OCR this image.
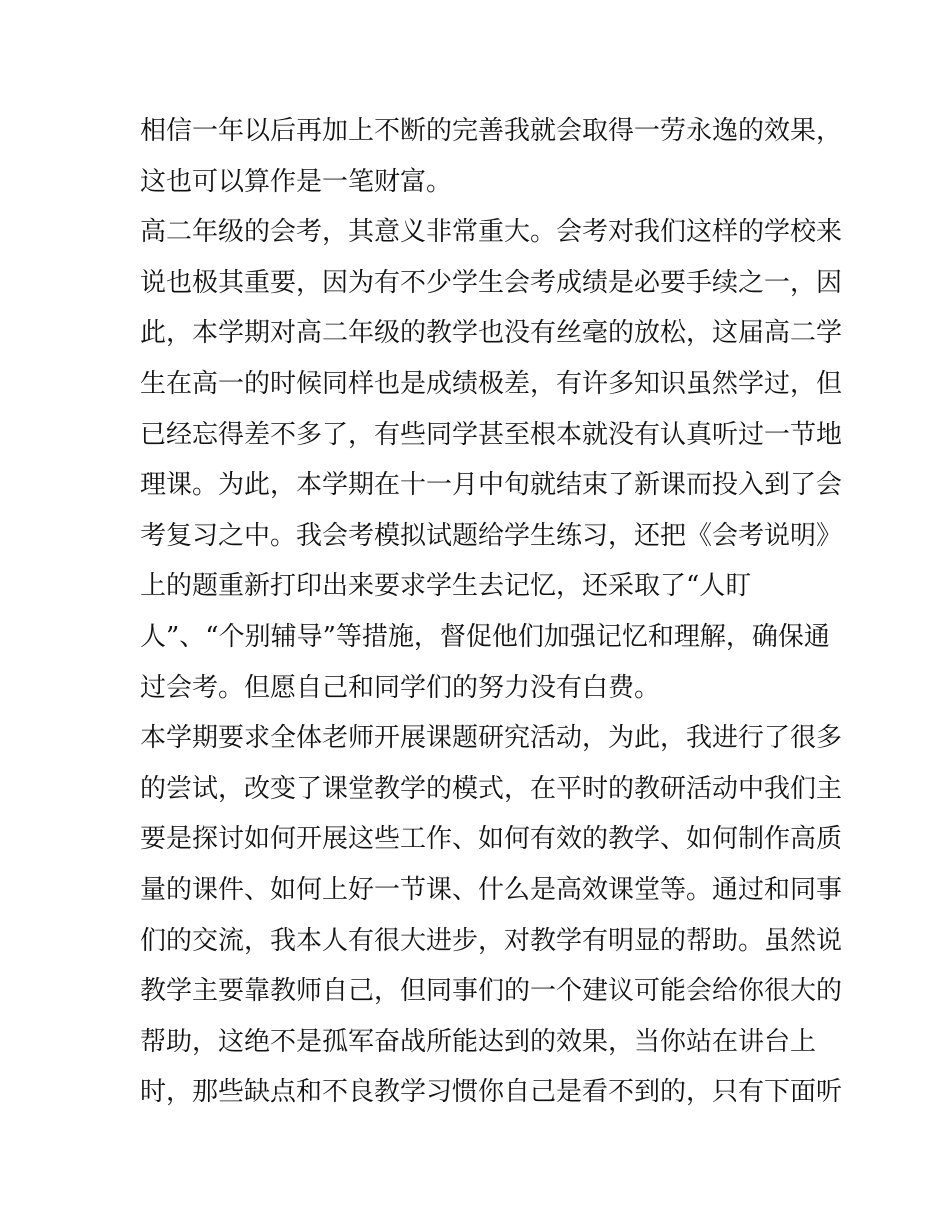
相信一年以后再加上不断的完善我就会取得一劳永逸的效果，
这也可以算作是一笔财富。
高二年级的会考，其意义非常重大。会考对我们这样的学校来
说也极其重要，因为有不少学生会考成绩是必要手续之一，因
此，本学期对高二年级的教学也没有丝毫的放松，这届高二学
生在高一的时候同样也是成绩极差，有许多知识虽然学过，但
已经忘得差不多了，有些同学甚至根本就没有认真听过一节地
理课。为此，本学期在十一月中旬就结束了新课而投入到了会
考复习之中。我会考模拟试题给学生练习，还把《会考说明》
上的题重新打印出来要求学生去记忆，还采取了“人盯
人”、“个别辅导”等措施，督促他们加强记忆和理解，确保通
过会考。但愿自己和同学们的努力没有白费。
本学期要求全体老师开展课题研究活动，为此，我进行了很多
的尝试，改变了课堂教学的模式，在平时的教研活动中我们主
要是探讨如何开展这些工作、如何有效的教学、如何制作高质
量的课件、如何上好一节课、什么是高效课堂等。通过和同事
们的交流，我本人有很大进步，对教学有明显的帮助。虽然说
教学主要靠教师自己，但同事们的一个建议可能会给你很大的
帮助，这绝不是孤军奋战所能达到的效果，当你站在讲台上
时，那些缺点和不良教学习惯你自己是看不到的，只有下面听
